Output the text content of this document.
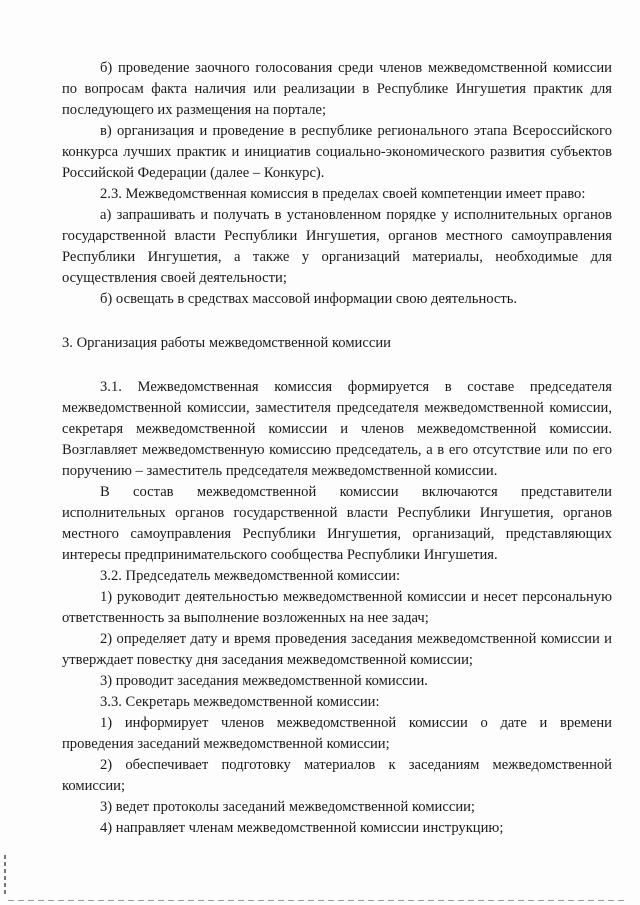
б) проведение заочного голосования среди членов межведомственной комиссии по вопросам факта наличия или реализации в Республике Ингушетия практик для последующего их размещения на портале;

в) организация и проведение в республике регионального этапа Всероссийского конкурса лучших практик и инициатив социально-экономического развития субъектов Российской Федерации (далее – Конкурс).

2.3. Межведомственная комиссия в пределах своей компетенции имеет право:

а) запрашивать и получать в установленном порядке у исполнительных органов государственной власти Республики Ингушетия, органов местного самоуправления Республики Ингушетия, а также у организаций материалы, необходимые для осуществления своей деятельности;

б) освещать в средствах массовой информации свою деятельность.

3. Организация работы межведомственной комиссии

3.1. Межведомственная комиссия формируется в составе председателя межведомственной комиссии, заместителя председателя межведомственной комиссии, секретаря межведомственной комиссии и членов межведомственной комиссии. Возглавляет межведомственную комиссию председатель, а в его отсутствие или по его поручению – заместитель председателя межведомственной комиссии.

В состав межведомственной комиссии включаются представители исполнительных органов государственной власти Республики Ингушетия, органов местного самоуправления Республики Ингушетия, организаций, представляющих интересы предпринимательского сообщества Республики Ингушетия.

3.2. Председатель межведомственной комиссии:

1) руководит деятельностью межведомственной комиссии и несет персональную ответственность за выполнение возложенных на нее задач;

2) определяет дату и время проведения заседания межведомственной комиссии и утверждает повестку дня заседания межведомственной комиссии;

3) проводит заседания межведомственной комиссии.

3.3. Секретарь межведомственной комиссии:

1) информирует членов межведомственной комиссии о дате и времени проведения заседаний межведомственной комиссии;

2) обеспечивает подготовку материалов к заседаниям межведомственной комиссии;

3) ведет протоколы заседаний межведомственной комиссии;

4) направляет членам межведомственной комиссии инструкцию;
